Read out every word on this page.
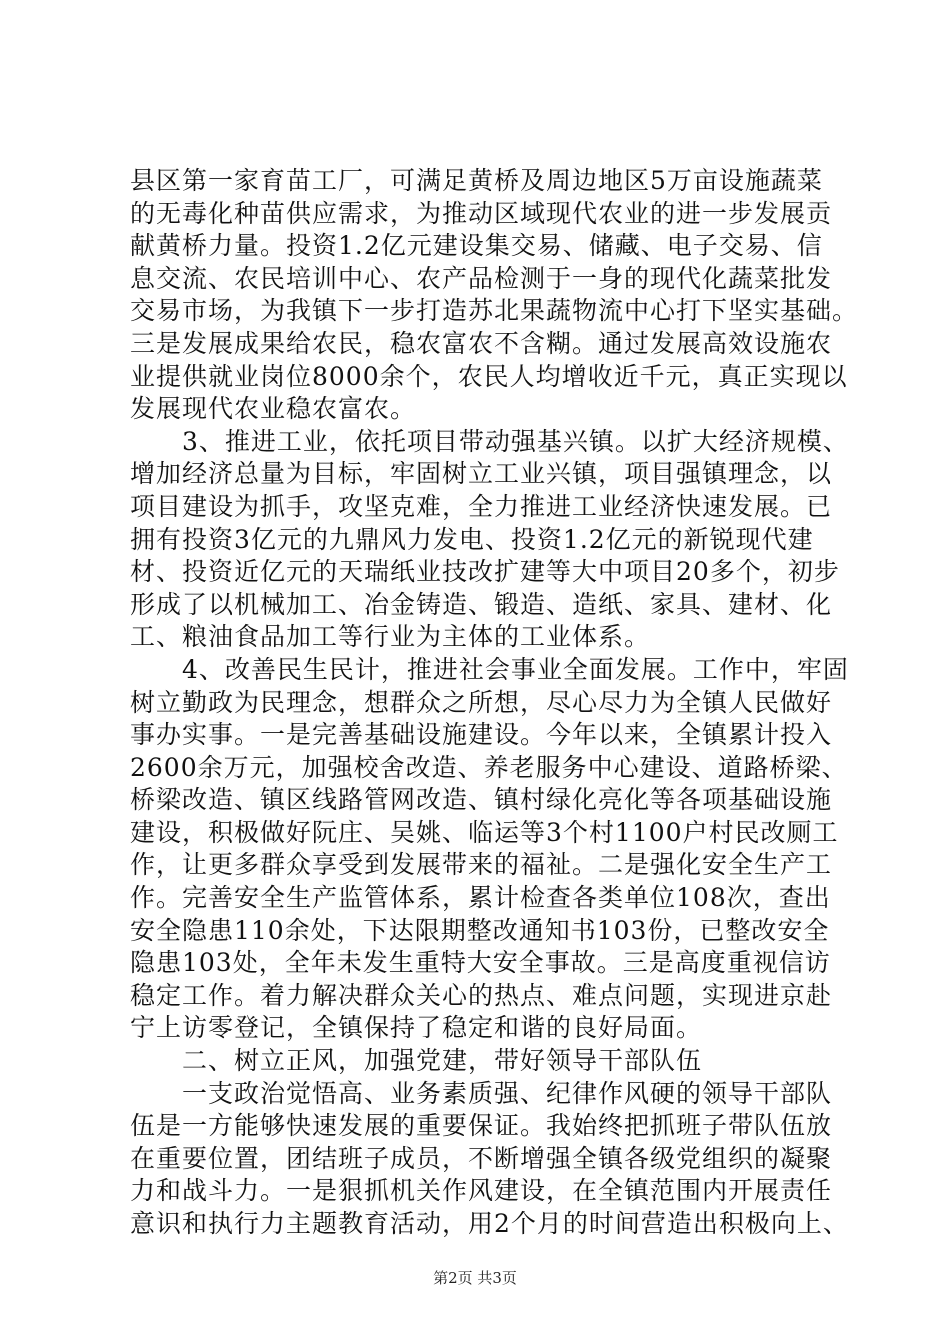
县区第一家育苗工厂，可满足黄桥及周边地区5万亩设施蔬菜
的无毒化种苗供应需求，为推动区域现代农业的进一步发展贡
献黄桥力量。投资1.2亿元建设集交易、储藏、电子交易、信
息交流、农民培训中心、农产品检测于一身的现代化蔬菜批发
交易市场，为我镇下一步打造苏北果蔬物流中心打下坚实基础。
三是发展成果给农民，稳农富农不含糊。通过发展高效设施农
业提供就业岗位8000余个，农民人均增收近千元，真正实现以
发展现代农业稳农富农。
　　3、推进工业，依托项目带动强基兴镇。以扩大经济规模、
增加经济总量为目标，牢固树立工业兴镇，项目强镇理念，以
项目建设为抓手，攻坚克难，全力推进工业经济快速发展。已
拥有投资3亿元的九鼎风力发电、投资1.2亿元的新锐现代建
材、投资近亿元的天瑞纸业技改扩建等大中项目20多个，初步
形成了以机械加工、冶金铸造、锻造、造纸、家具、建材、化
工、粮油食品加工等行业为主体的工业体系。
　　4、改善民生民计，推进社会事业全面发展。工作中，牢固
树立勤政为民理念，想群众之所想，尽心尽力为全镇人民做好
事办实事。一是完善基础设施建设。今年以来，全镇累计投入
2600余万元，加强校舍改造、养老服务中心建设、道路桥梁、
桥梁改造、镇区线路管网改造、镇村绿化亮化等各项基础设施
建设，积极做好阮庄、吴姚、临运等3个村1100户村民改厕工
作，让更多群众享受到发展带来的福祉。二是强化安全生产工
作。完善安全生产监管体系，累计检查各类单位108次，查出
安全隐患110余处，下达限期整改通知书103份，已整改安全
隐患103处，全年未发生重特大安全事故。三是高度重视信访
稳定工作。着力解决群众关心的热点、难点问题，实现进京赴
宁上访零登记，全镇保持了稳定和谐的良好局面。
　　二、树立正风，加强党建，带好领导干部队伍
　　一支政治觉悟高、业务素质强、纪律作风硬的领导干部队
伍是一方能够快速发展的重要保证。我始终把抓班子带队伍放
在重要位置，团结班子成员，不断增强全镇各级党组织的凝聚
力和战斗力。一是狠抓机关作风建设，在全镇范围内开展责任
意识和执行力主题教育活动，用2个月的时间营造出积极向上、
第2页 共3页
